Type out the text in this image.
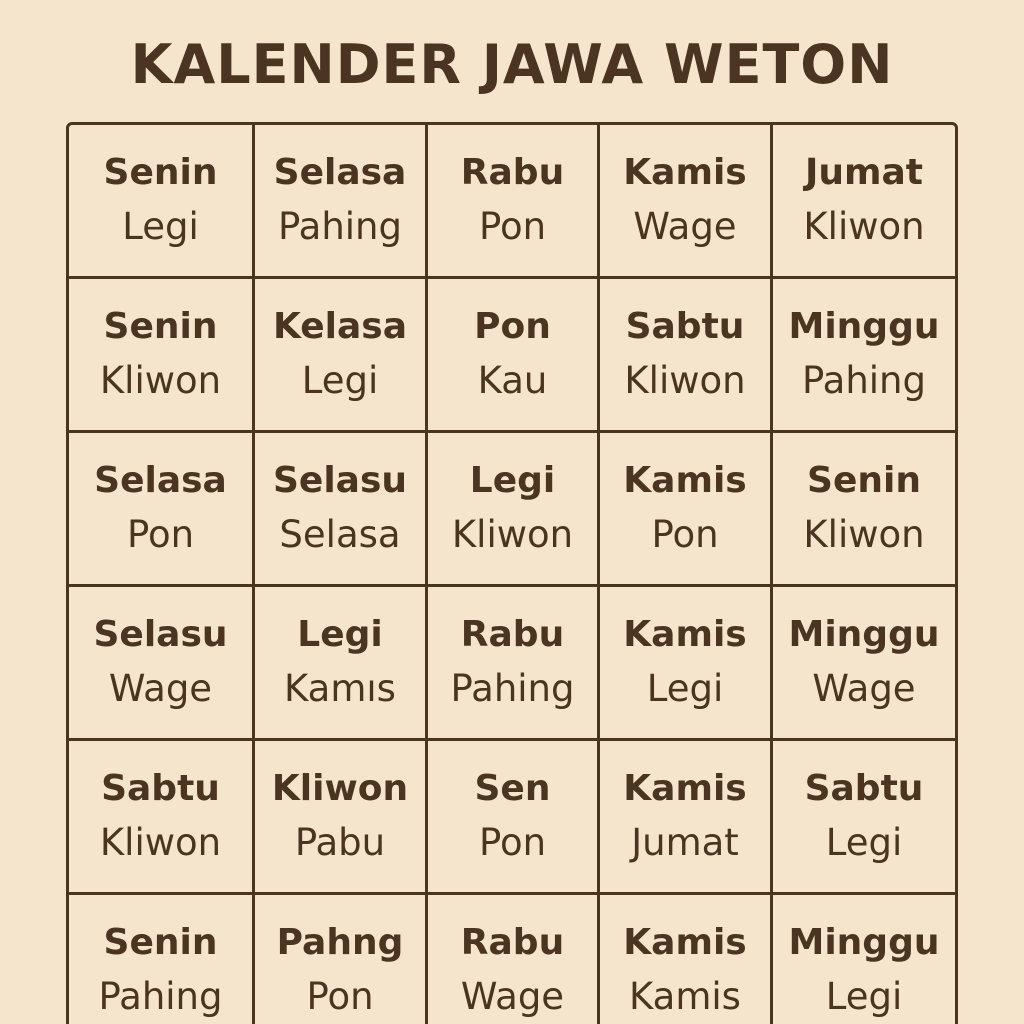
KALENDER JAWA WETON
Senin
Legi
Selasa
Pahing
Rabu
Pon
Kamis
Wage
Jumat
Kliwon
Senin
Kliwon
Kelasa
Legi
Pon
Kau
Sabtu
Kliwon
Minggu
Pahing
Selasa
Pon
Selasu
Selasa
Legi
Kliwon
Kamis
Pon
Senin
Kliwon
Selasu
Wage
Legi
Kamıs
Rabu
Pahing
Kamis
Legi
Minggu
Wage
Sabtu
Kliwon
Kliwon
Pabu
Sen
Pon
Kamis
Jumat
Sabtu
Legi
Senin
Pahing
Pahng
Pon
Rabu
Wage
Kamis
Kamis
Minggu
Legi
